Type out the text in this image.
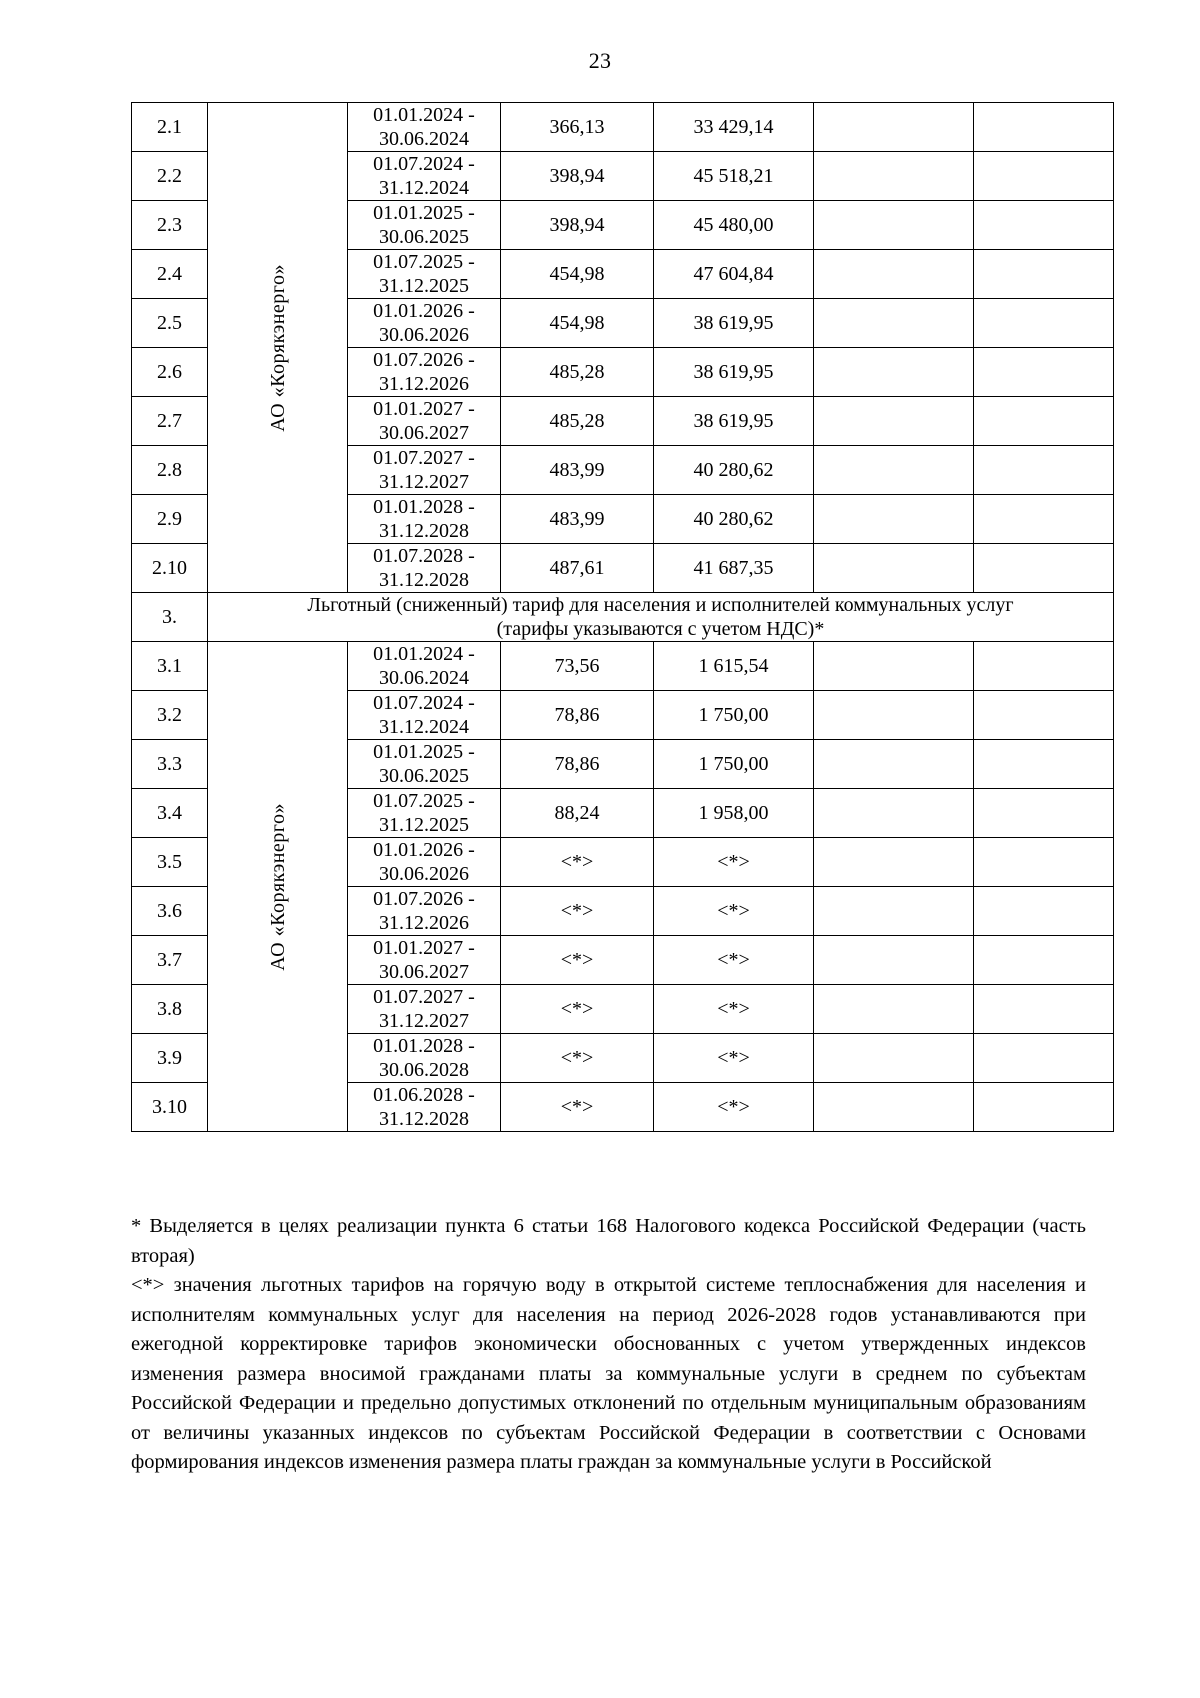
23
2.1	АО «Корякэнерго»	01.01.2024 -
30.06.2024	366,13	33 429,14		
2.2		01.07.2024 -
31.12.2024	398,94	45 518,21		
2.3		01.01.2025 -
30.06.2025	398,94	45 480,00		
2.4		01.07.2025 -
31.12.2025	454,98	47 604,84		
2.5		01.01.2026 -
30.06.2026	454,98	38 619,95		
2.6		01.07.2026 -
31.12.2026	485,28	38 619,95		
2.7		01.01.2027 -
30.06.2027	485,28	38 619,95		
2.8		01.07.2027 -
31.12.2027	483,99	40 280,62		
2.9		01.01.2028 -
31.12.2028	483,99	40 280,62		
2.10		01.07.2028 -
31.12.2028	487,61	41 687,35		
3.	Льготный (сниженный) тариф для населения и исполнителей коммунальных услуг
(тарифы указываются с учетом НДС)*					

3.1	АО «Корякэнерго»	01.01.2024 -
30.06.2024	73,56	1 615,54		
3.2		01.07.2024 -
31.12.2024	78,86	1 750,00		
3.3		01.01.2025 -
30.06.2025	78,86	1 750,00		
3.4		01.07.2025 -
31.12.2025	88,24	1 958,00		
3.5		01.01.2026 -
30.06.2026	<*>	<*>		
3.6		01.07.2026 -
31.12.2026	<*>	<*>		
3.7		01.01.2027 -
30.06.2027	<*>	<*>		
3.8		01.07.2027 -
31.12.2027	<*>	<*>		
3.9		01.01.2028 -
30.06.2028	<*>	<*>		
3.10		01.06.2028 -
31.12.2028	<*>	<*>		

* Выделяется в целях реализации пункта 6 статьи 168 Налогового кодекса Российской Федерации (часть вторая)

<*> значения льготных тарифов на горячую воду в открытой системе теплоснабжения для населения и исполнителям коммунальных услуг для населения на период 2026-2028 годов устанавливаются при ежегодной корректировке тарифов экономически обоснованных с учетом утвержденных индексов изменения размера вносимой гражданами платы за коммунальные услуги в среднем по субъектам Российской Федерации и предельно допустимых отклонений по отдельным муниципальным образованиям от величины указанных индексов по субъектам Российской Федерации в соответствии с Основами формирования индексов изменения размера платы граждан за коммунальные услуги в Российской
